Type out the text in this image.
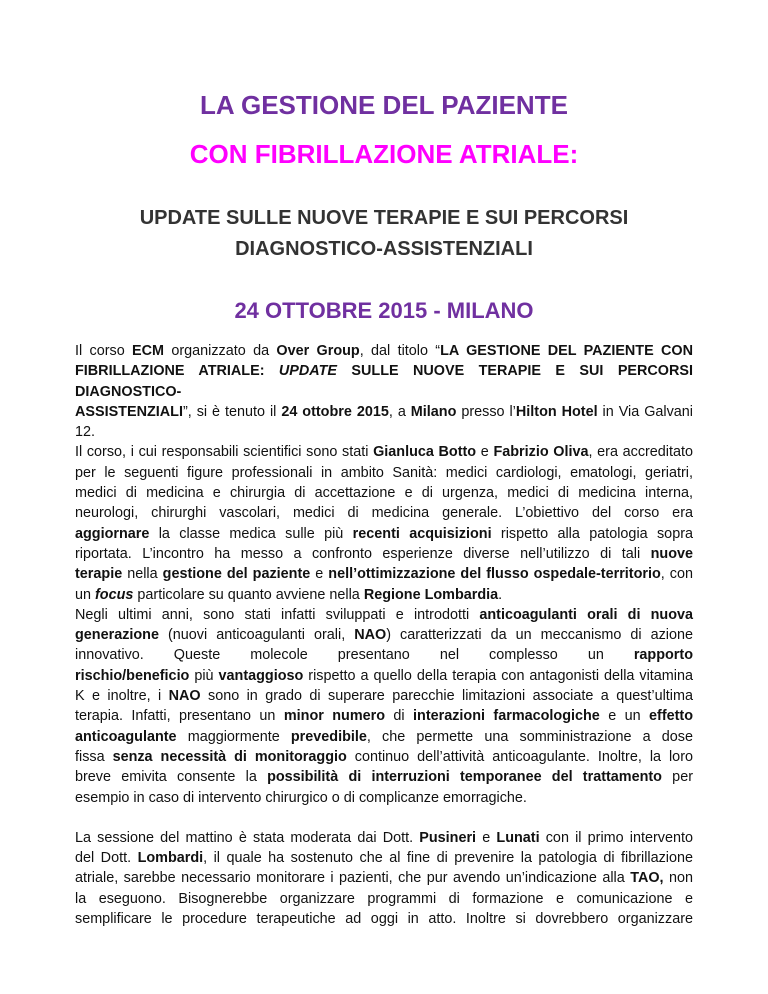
LA GESTIONE DEL PAZIENTE
CON FIBRILLAZIONE ATRIALE:
UPDATE SULLE NUOVE TERAPIE E SUI PERCORSI
DIAGNOSTICO-ASSISTENZIALI
24 OTTOBRE 2015 - MILANO
Il corso ECM organizzato da Over Group, dal titolo “LA GESTIONE DEL PAZIENTE CON
FIBRILLAZIONE ATRIALE: UPDATE SULLE NUOVE TERAPIE E SUI PERCORSI DIAGNOSTICO-
ASSISTENZIALI”, si è tenuto il 24 ottobre 2015, a Milano presso l’Hilton Hotel in Via Galvani
12.
Il corso, i cui responsabili scientifici sono stati Gianluca Botto e Fabrizio Oliva, era accreditato
per le seguenti figure professionali in ambito Sanità: medici cardiologi, ematologi, geriatri,
medici di medicina e chirurgia di accettazione e di urgenza, medici di medicina interna,
neurologi, chirurghi vascolari, medici di medicina generale. L’obiettivo del corso era
aggiornare la classe medica sulle più recenti acquisizioni rispetto alla patologia sopra
riportata. L’incontro ha messo a confronto esperienze diverse nell’utilizzo di tali nuove
terapie nella gestione del paziente e nell’ottimizzazione del flusso ospedale-territorio, con
un focus particolare su quanto avviene nella Regione Lombardia.
Negli ultimi anni, sono stati infatti sviluppati e introdotti anticoagulanti orali di nuova
generazione (nuovi anticoagulanti orali, NAO) caratterizzati da un meccanismo di azione
innovativo. Queste molecole presentano nel complesso un rapporto
rischio/beneficio più vantaggioso rispetto a quello della terapia con antagonisti della vitamina
K e inoltre, i NAO sono in grado di superare parecchie limitazioni associate a quest’ultima
terapia. Infatti, presentano un minor numero di interazioni farmacologiche e un effetto
anticoagulante maggiormente prevedibile, che permette una somministrazione a dose
fissa senza necessità di monitoraggio continuo dell’attività anticoagulante. Inoltre, la loro
breve emivita consente la possibilità di interruzioni temporanee del trattamento per
esempio in caso di intervento chirurgico o di complicanze emorragiche.
La sessione del mattino è stata moderata dai Dott. Pusineri e Lunati con il primo intervento
del Dott. Lombardi, il quale ha sostenuto che al fine di prevenire la patologia di fibrillazione
atriale, sarebbe necessario monitorare i pazienti, che pur avendo un’indicazione alla TAO, non
la eseguono. Bisognerebbe organizzare programmi di formazione e comunicazione e
semplificare le procedure terapeutiche ad oggi in atto. Inoltre si dovrebbero organizzare
